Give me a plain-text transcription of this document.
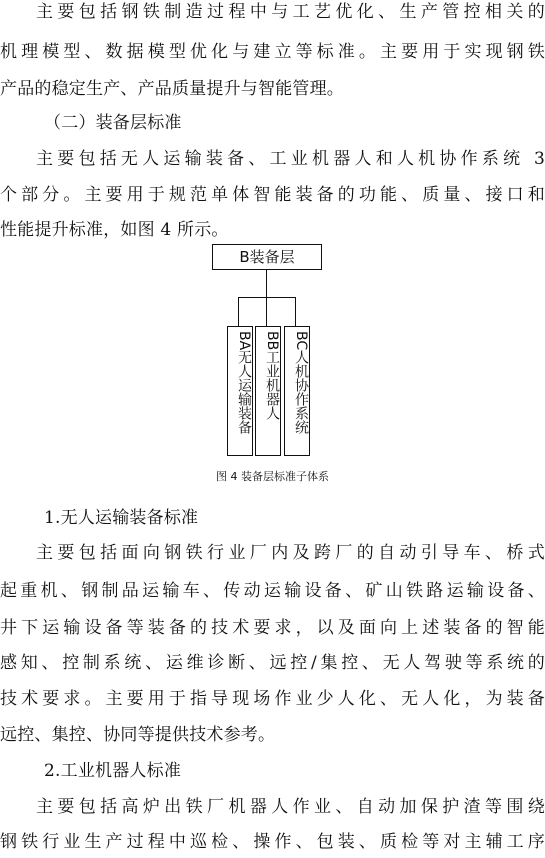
主要包括钢铁制造过程中与工艺优化、生产管控相关的
机理模型、数据模型优化与建立等标准。主要用于实现钢铁
产品的稳定生产、产品质量提升与智能管理。
（二）装备层标准
主要包括无人运输装备、工业机器人和人机协作系统 3
个部分。主要用于规范单体智能装备的功能、质量、接口和
性能提升标准，如图 4 所示。
B装备层
BA无人运输装备 BB工业机器人 BC人机协作系统
图 4 装备层标准子体系
1.无人运输装备标准
主要包括面向钢铁行业厂内及跨厂的自动引导车、桥式
起重机、钢制品运输车、传动运输设备、矿山铁路运输设备、
井下运输设备等装备的技术要求，以及面向上述装备的智能
感知、控制系统、运维诊断、远控/集控、无人驾驶等系统的
技术要求。主要用于指导现场作业少人化、无人化，为装备
远控、集控、协同等提供技术参考。
2.工业机器人标准
主要包括高炉出铁厂机器人作业、自动加保护渣等围绕
钢铁行业生产过程中巡检、操作、包装、质检等对主辅工序
